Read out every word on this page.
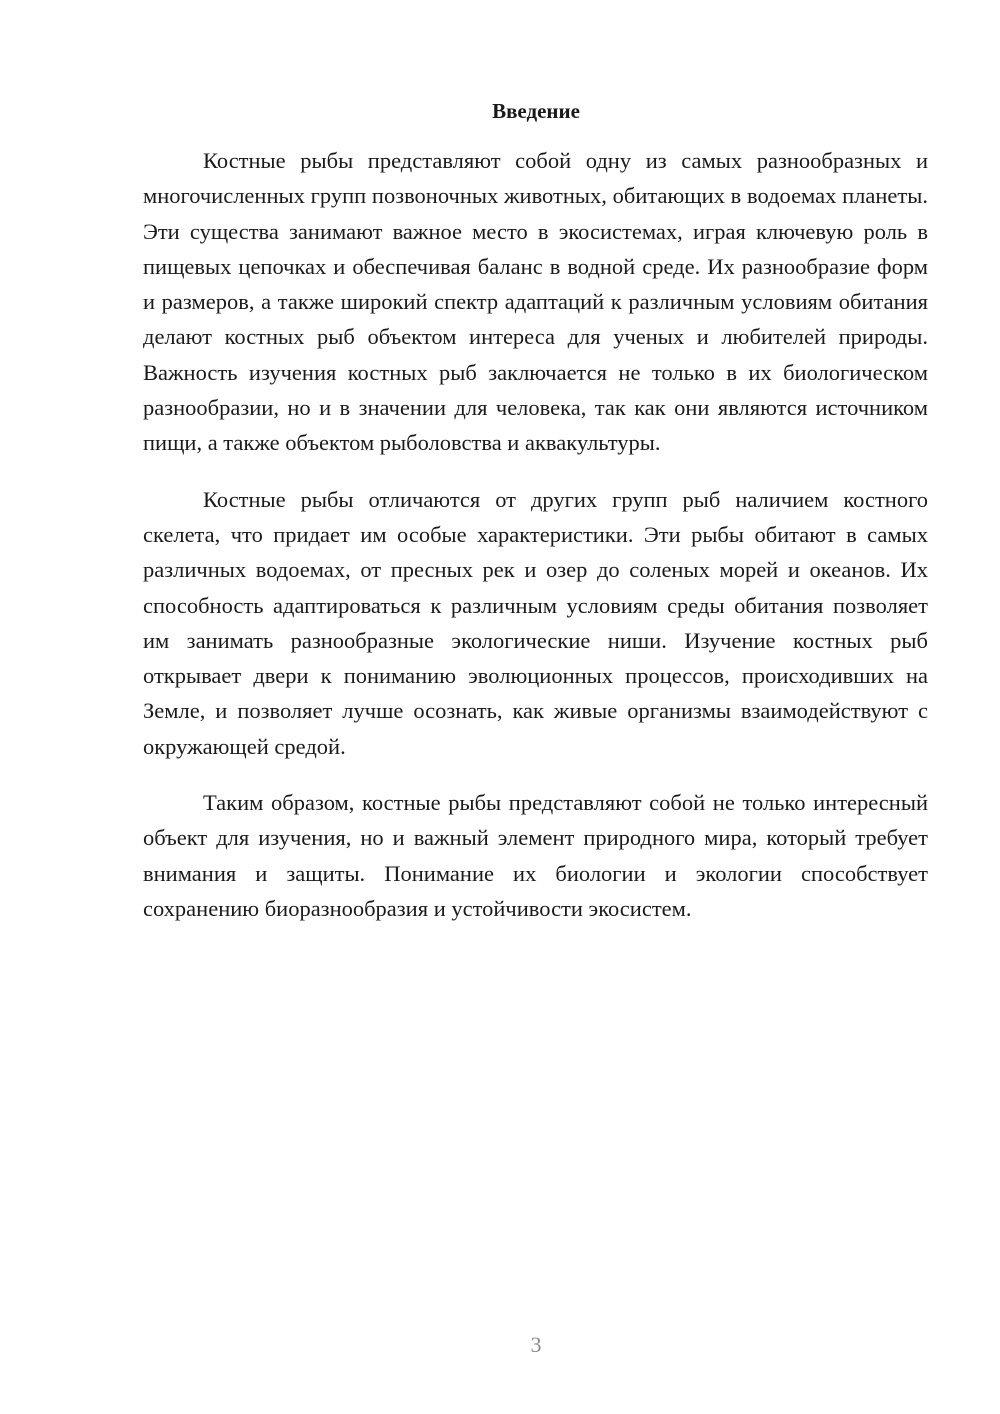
Введение

Костные рыбы представляют собой одну из самых разнообразных и многочисленных групп позвоночных животных, обитающих в водоемах планеты. Эти существа занимают важное место в экосистемах, играя ключевую роль в пищевых цепочках и обеспечивая баланс в водной среде. Их разнообразие форм и размеров, а также широкий спектр адаптаций к различным условиям обитания делают костных рыб объектом интереса для ученых и любителей природы. Важность изучения костных рыб заключается не только в их биологическом разнообразии, но и в значении для человека, так как они являются источником пищи, а также объектом рыболовства и аквакультуры.

Костные рыбы отличаются от других групп рыб наличием костного скелета, что придает им особые характеристики. Эти рыбы обитают в самых различных водоемах, от пресных рек и озер до соленых морей и океанов. Их способность адаптироваться к различным условиям среды обитания позволяет им занимать разнообразные экологические ниши. Изучение костных рыб открывает двери к пониманию эволюционных процессов, происходивших на Земле, и позволяет лучше осознать, как живые организмы взаимодействуют с окружающей средой.

Таким образом, костные рыбы представляют собой не только интересный объект для изучения, но и важный элемент природного мира, который требует внимания и защиты. Понимание их биологии и экологии способствует сохранению биоразнообразия и устойчивости экосистем.

3
